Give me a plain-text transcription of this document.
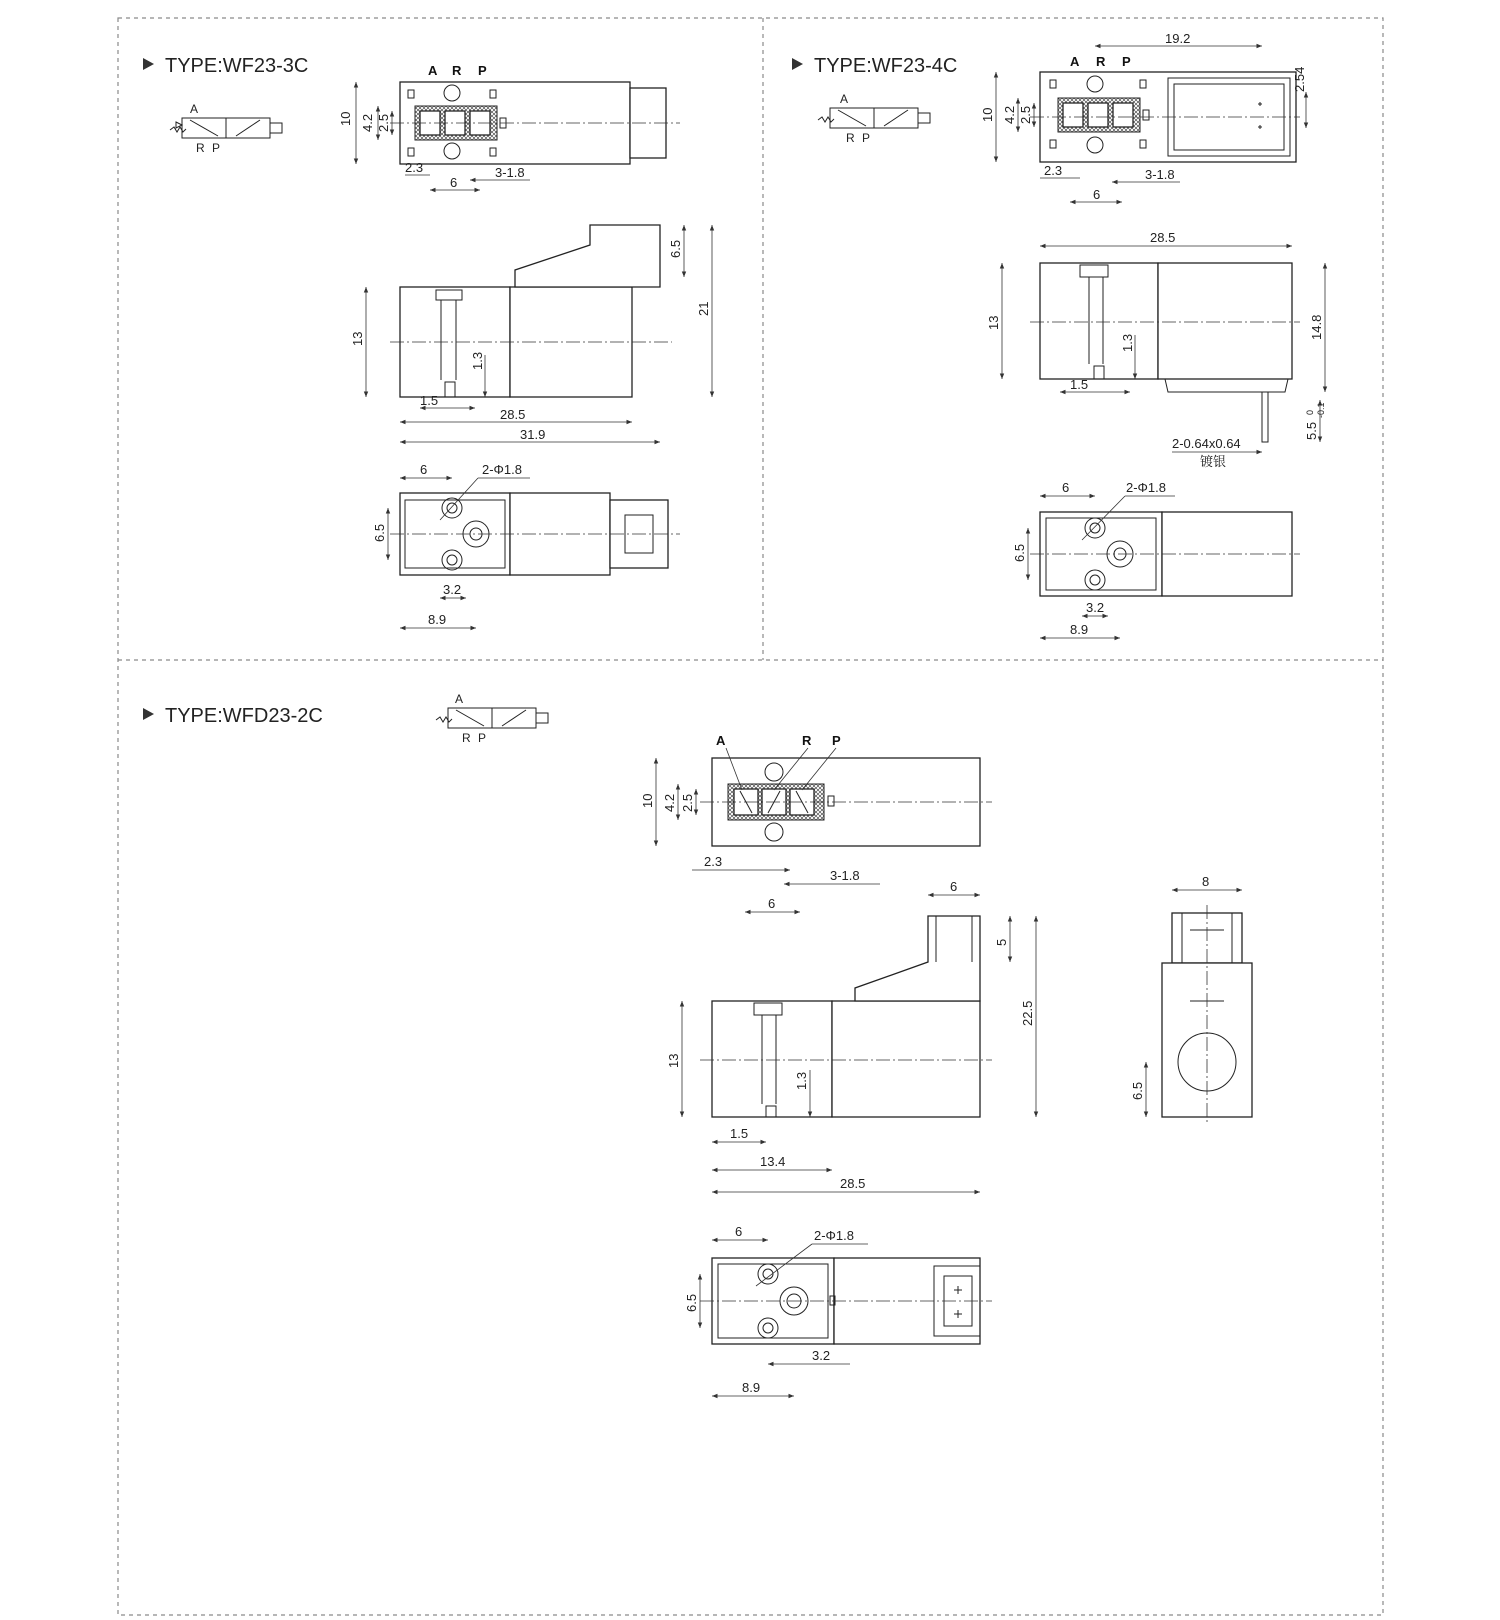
TYPE:WF23-3C
A
R P
A R P
10 4.2 2.5
2.3	3-1.8
6
13
6.5
21
1.3
1.5
28.5
31.9
6	2-Φ1.8
6.5
3.2
8.9
TYPE:WF23-4C
A
R P
A R P
19.2
2.54
10 4.2 2.5
2.3	3-1.8
6
28.5
13	14.8
1.3
1.5
5.5
0 -0.1
2-0.64x0.64
镀银
6	2-Φ1.8
6.5
3.2
8.9
TYPE:WFD23-2C
A
R P	A	R P
10 4.2 2.5
2.3
3-1.8
6
6
5
22.5
13
1.3
1.5
13.4
28.5
8
6.5
6	2-Φ1.8
6.5
3.2
8.9
